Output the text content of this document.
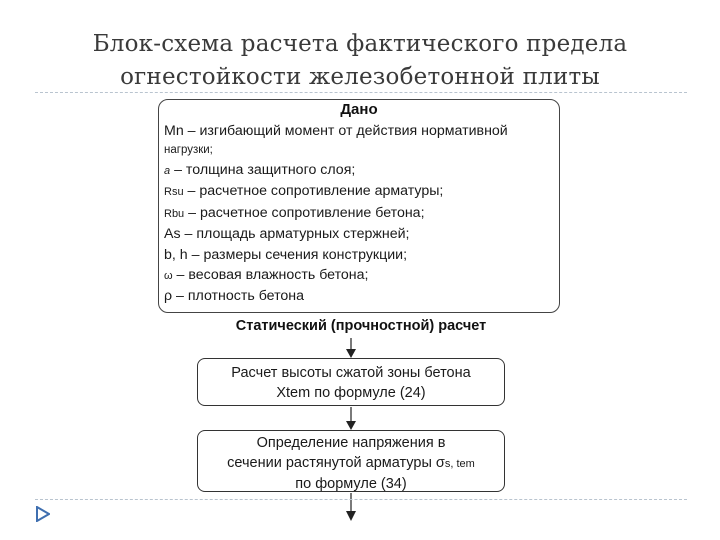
Блок-схема расчета фактического предела
огнестойкости железобетонной плиты
Дано
Mn – изгибающий момент от действия нормативной
нагрузки;
a – толщина защитного слоя;
Rsu – расчетное сопротивление арматуры;
Rbu – расчетное сопротивление бетона;
As – площадь арматурных стержней;
b, h – размеры сечения конструкции;
ω – весовая влажность бетона;
ρ – плотность бетона
Статический (прочностной) расчет
Расчет высоты сжатой зоны бетона
Xtem по формуле (24)
Определение напряжения в
сечении растянутой арматуры σs, tem
по формуле (34)
